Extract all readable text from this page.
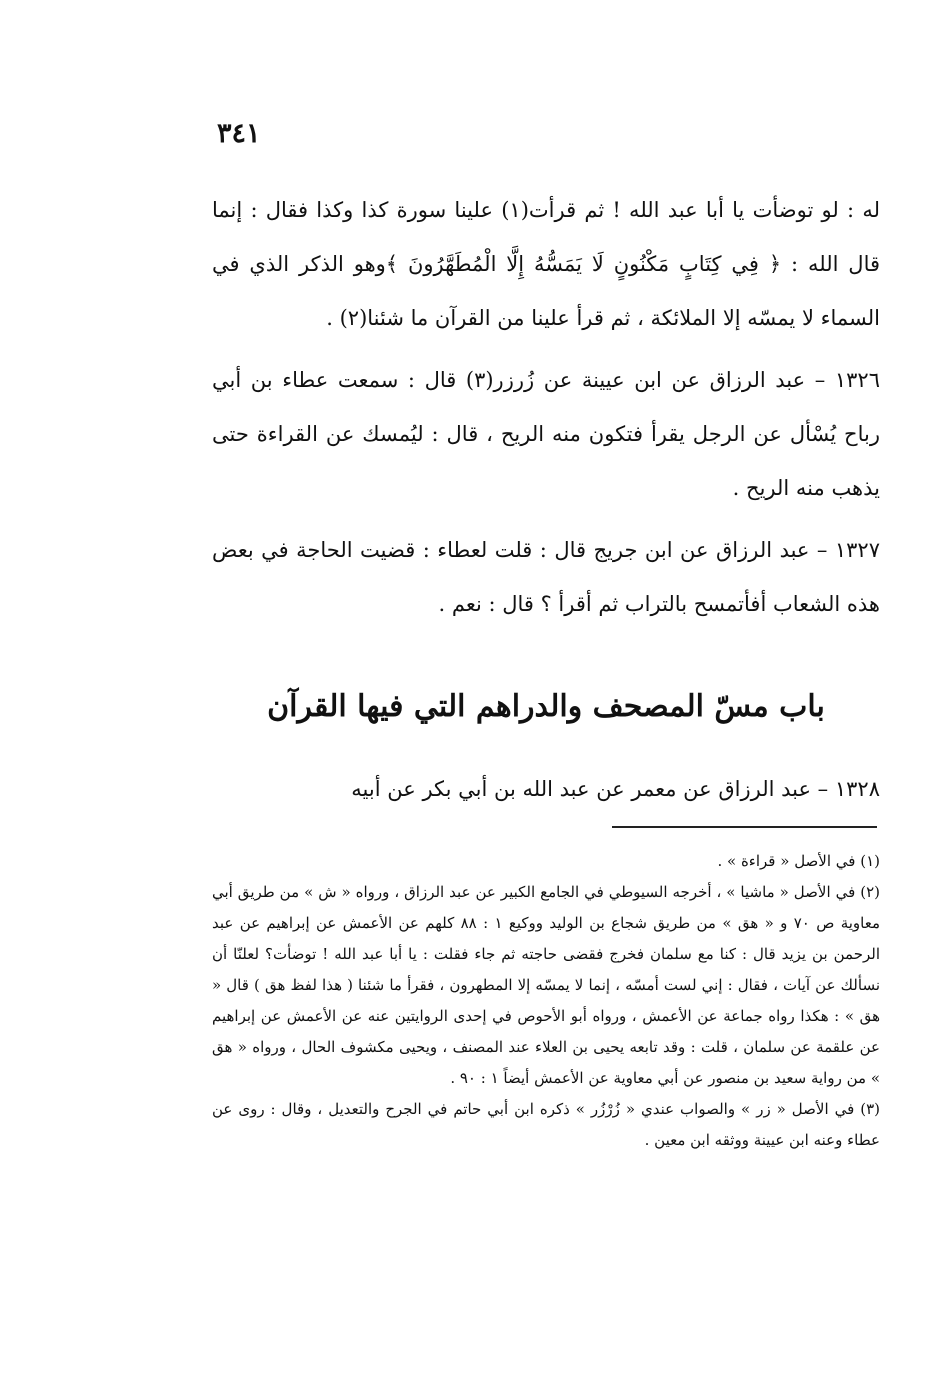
٣٤١

له : لو توضأت يا أبا عبد الله ! ثم قرأت(١) علينا سورة كذا وكذا فقال : إنما قال الله : ﴿ فِي كِتَابٍ مَكْنُونٍ لَا يَمَسُّهُ إِلَّا الْمُطَهَّرُونَ ﴾وهو الذكر الذي في السماء لا يمسّه إلا الملائكة ، ثم قرأ علينا من القرآن ما شئنا(٢) .

١٣٢٦ – عبد الرزاق عن ابن عيينة عن زُرزر(٣) قال : سمعت عطاء بن أبي رباح يُسْأل عن الرجل يقرأ فتكون منه الريح ، قال : ليُمسك عن القراءة حتى يذهب منه الريح .

١٣٢٧ – عبد الرزاق عن ابن جريج قال : قلت لعطاء : قضيت الحاجة في بعض هذه الشعاب أفأتمسح بالتراب ثم أقرأ ؟ قال : نعم .

باب مسّ المصحف والدراهم التي فيها القرآن

١٣٢٨ – عبد الرزاق عن معمر عن عبد الله بن أبي بكر عن أبيه

(١) في الأصل « قراءة » .

(٢) في الأصل « ماشيا » ، أخرجه السيوطي في الجامع الكبير عن عبد الرزاق ، ورواه « ش » من طريق أبي معاوية ص ٧٠ و « هق » من طريق شجاع بن الوليد ووكيع ١ : ٨٨ كلهم عن الأعمش عن إبراهيم عن عبد الرحمن بن يزيد قال : كنا مع سلمان فخرج فقضى حاجته ثم جاء فقلت : يا أبا عبد الله ! توضأت؟ لعلنّا أن نسألك عن آيات ، فقال : إني لست أمسّه ، إنما لا يمسّه إلا المطهرون ، فقرأ ما شئنا ( هذا لفظ هق ) قال « هق » : هكذا رواه جماعة عن الأعمش ، ورواه أبو الأحوص في إحدى الروايتين عنه عن الأعمش عن إبراهيم عن علقمة عن سلمان ، قلت : وقد تابعه يحيى بن العلاء عند المصنف ، ويحيى مكشوف الحال ، ورواه « هق » من رواية سعيد بن منصور عن أبي معاوية عن الأعمش أيضاً ١ : ٩٠ .

(٣) في الأصل « زر » والصواب عندي « زُرْزُر » ذكره ابن أبي حاتم في الجرح والتعديل ، وقال : روى عن عطاء وعنه ابن عيينة ووثقه ابن معين .
